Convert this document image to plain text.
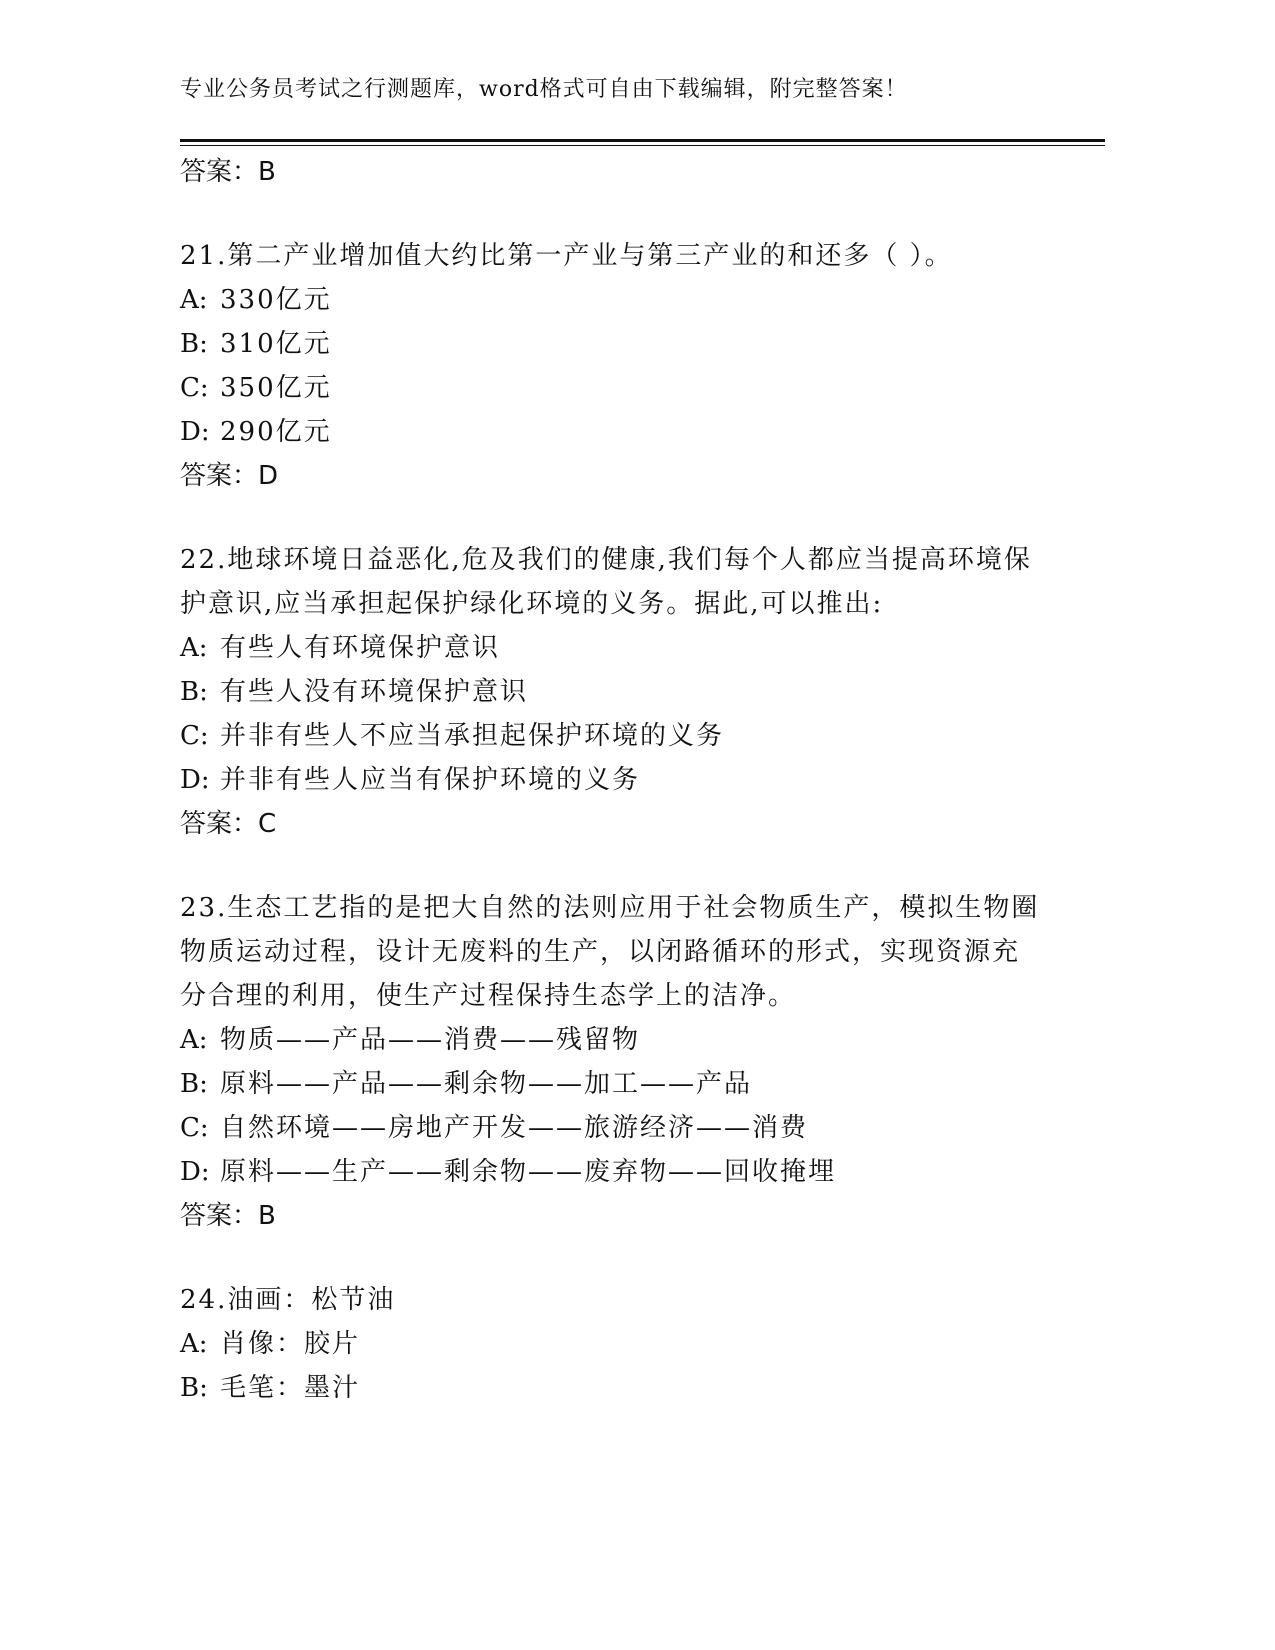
专业公务员考试之行测题库，word格式可自由下载编辑，附完整答案！
答案：B
21.第二产业增加值大约比第一产业与第三产业的和还多（ ）。
A: 330亿元
B: 310亿元
C: 350亿元
D: 290亿元
答案：D
22.地球环境日益恶化,危及我们的健康,我们每个人都应当提高环境保护意识,应当承担起保护绿化环境的义务。据此,可以推出:
A: 有些人有环境保护意识
B: 有些人没有环境保护意识
C: 并非有些人不应当承担起保护环境的义务
D: 并非有些人应当有保护环境的义务
答案：C
23.生态工艺指的是把大自然的法则应用于社会物质生产，模拟生物圈物质运动过程，设计无废料的生产，以闭路循环的形式，实现资源充分合理的利用，使生产过程保持生态学上的洁净。
A: 物质——产品——消费——残留物
B: 原料——产品——剩余物——加工——产品
C: 自然环境——房地产开发——旅游经济——消费
D: 原料——生产——剩余物——废弃物——回收掩埋
答案：B
24.油画：松节油
A: 肖像：胶片
B: 毛笔：墨汁
